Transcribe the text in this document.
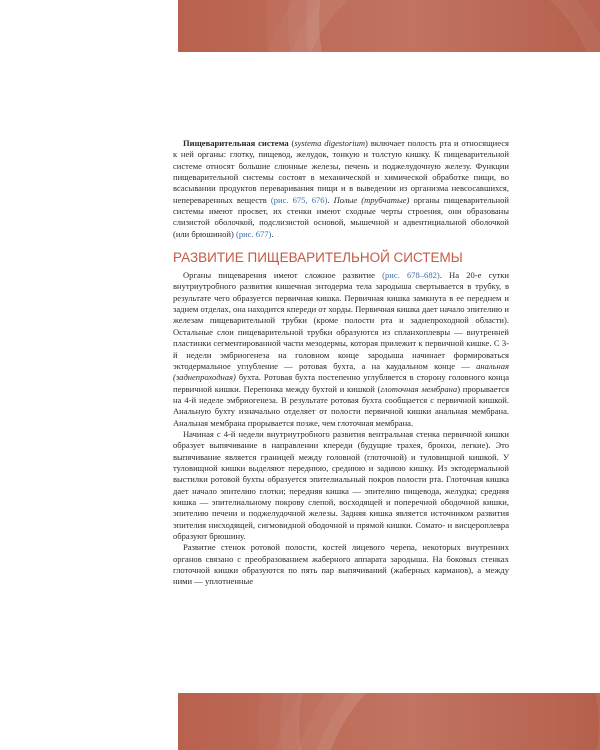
Пищеварительная система (systema digestorium) включает полость рта и относящиеся к ней органы: глотку, пищевод, желудок, тонкую и толстую кишку. К пищеварительной системе относят большие слюнные железы, печень и поджелудочную железу. Функции пищеварительной системы состоят в механической и химической обработке пищи, во всасывании продуктов переваривания пищи и в выведении из организма невсосавшихся, непереваренных веществ (рис. 675, 676). Полые (трубчатые) органы пищеварительной системы имеют просвет, их стенки имеют сходные черты строения, они образованы слизистой оболочкой, подслизистой основой, мышечной и адвентициальной оболочкой (или брюшиной) (рис. 677).

РАЗВИТИЕ ПИЩЕВАРИТЕЛЬНОЙ СИСТЕМЫ

Органы пищеварения имеют сложное развитие (рис. 678–682). На 20-е сутки внутриутробного развития кишечная энтодерма тела зародыша свертывается в трубку, в результате чего образуется первичная кишка. Первичная кишка замкнута в ее переднем и заднем отделах, она находится кпереди от хорды. Первичная кишка дает начало эпителию и железам пищеварительной трубки (кроме полости рта и заднепроходной области). Остальные слои пищеварительной трубки образуются из спланхоплевры — внутренней пластинки сегментированной части мезодермы, которая прилежит к первичной кишке. С 3-й недели эмбриогенеза на головном конце зародыша начинает формироваться эктодермальное углубление — ротовая бухта, а на каудальном конце — анальная (заднепроходная) бухта. Ротовая бухта постепенно углубляется в сторону головного конца первичной кишки. Перепонка между бухтой и кишкой (глоточная мембрана) прорывается на 4-й неделе эмбриогенеза. В результате ротовая бухта сообщается с первичной кишкой. Анальную бухту изначально отделяет от полости первичной кишки анальная мембрана. Анальная мембрана прорывается позже, чем глоточная мембрана.

Начиная с 4-й недели внутриутробного развития вентральная стенка первичной кишки образует выпячивание в направлении кпереди (будущие трахея, бронхи, легкие). Это выпячивание является границей между головной (глоточной) и туловищной кишкой. У туловищной кишки выделяют переднюю, среднюю и заднюю кишку. Из эктодермальной выстилки ротовой бухты образуется эпителиальный покров полости рта. Глоточная кишка дает начало эпителию глотки; передняя кишка — эпителию пищевода, желудка; средняя кишка — эпителиальному покрову слепой, восходящей и поперечной ободочной кишки, эпителию печени и поджелудочной железы. Задняя кишка является источником развития эпителия нисходящей, сигмовидной ободочной и прямой кишки. Сомато- и висцероплевра образуют брюшину.

Развитие стенок ротовой полости, костей лицевого черепа, некоторых внутренних органов связано с преобразованием жаберного аппарата зародыша. На боковых стенках глоточной кишки образуются по пять пар выпячиваний (жаберных карманов), а между ними — уплотненные
